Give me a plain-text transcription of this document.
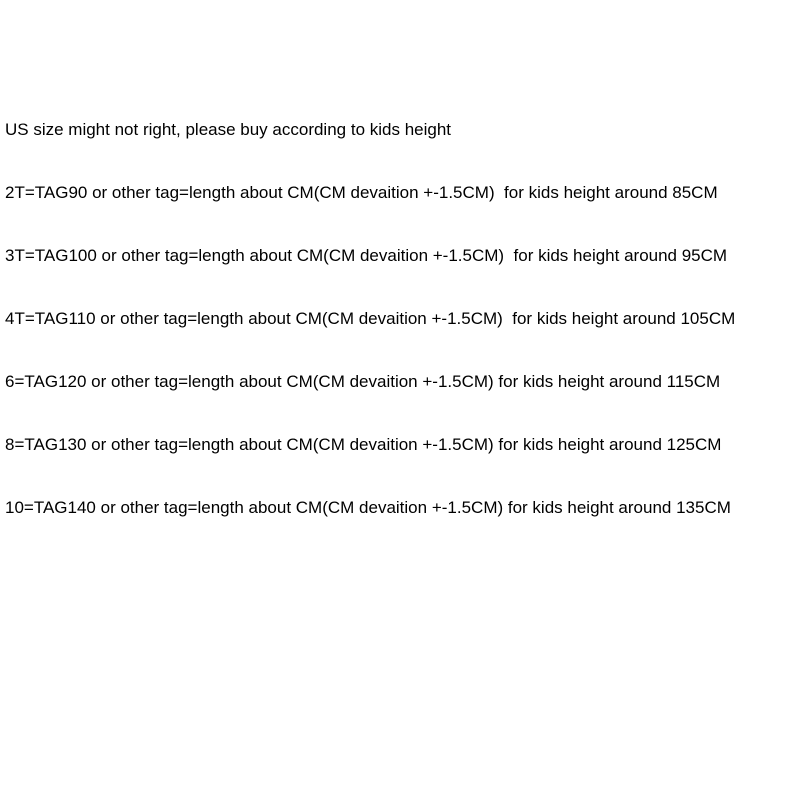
US size might not right, please buy according to kids height

2T=TAG90 or other tag=length about CM(CM devaition +-1.5CM)  for kids height around 85CM

3T=TAG100 or other tag=length about CM(CM devaition +-1.5CM)  for kids height around 95CM

4T=TAG110 or other tag=length about CM(CM devaition +-1.5CM)  for kids height around 105CM

6=TAG120 or other tag=length about CM(CM devaition +-1.5CM) for kids height around 115CM

8=TAG130 or other tag=length about CM(CM devaition +-1.5CM) for kids height around 125CM

10=TAG140 or other tag=length about CM(CM devaition +-1.5CM) for kids height around 135CM
